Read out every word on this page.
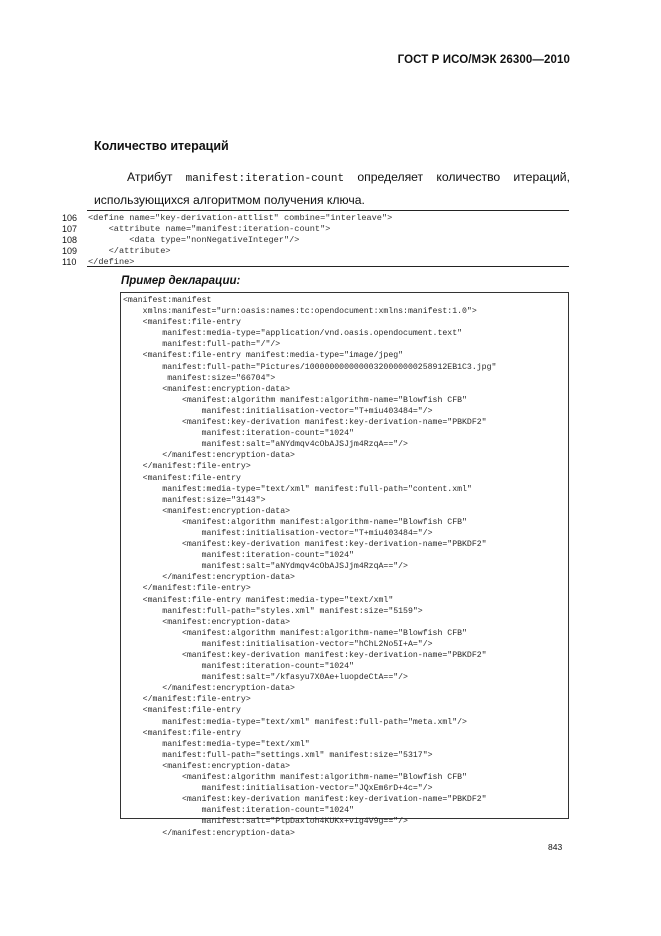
ГОСТ Р ИСО/МЭК 26300—2010
Количество итераций
Атрибут manifest:iteration-count определяет количество итераций,
использующихся алгоритмом получения ключа.
106	<define name="key-derivation-attlist" combine="interleave">
107	<attribute name="manifest:iteration-count">
108	<data type="nonNegativeInteger"/>
109	</attribute>
110	</define>
Пример декларации:
<manifest:manifest
xmlns:manifest="urn:oasis:names:tc:opendocument:xmlns:manifest:1.0">
<manifest:file-entry
manifest:media-type="application/vnd.oasis.opendocument.text"
manifest:full-path="/"/>
<manifest:file-entry manifest:media-type="image/jpeg"
manifest:full-path="Pictures/10000000000000320000000258912EB1C3.jpg"
manifest:size="66704">
<manifest:encryption-data>
<manifest:algorithm manifest:algorithm-name="Blowfish CFB"
manifest:initialisation-vector="T+miu403484="/>
<manifest:key-derivation manifest:key-derivation-name="PBKDF2"
manifest:iteration-count="1024"
manifest:salt="aNYdmqv4cObAJSJjm4RzqA=="/>
</manifest:encryption-data>
</manifest:file-entry>
<manifest:file-entry
manifest:media-type="text/xml" manifest:full-path="content.xml"
manifest:size="3143">
<manifest:encryption-data>
<manifest:algorithm manifest:algorithm-name="Blowfish CFB"
manifest:initialisation-vector="T+miu403484="/>
<manifest:key-derivation manifest:key-derivation-name="PBKDF2"
manifest:iteration-count="1024"
manifest:salt="aNYdmqv4cObAJSJjm4RzqA=="/>
</manifest:encryption-data>
</manifest:file-entry>
<manifest:file-entry manifest:media-type="text/xml"
manifest:full-path="styles.xml" manifest:size="5159">
<manifest:encryption-data>
<manifest:algorithm manifest:algorithm-name="Blowfish CFB"
manifest:initialisation-vector="hChL2No5I+A="/>
<manifest:key-derivation manifest:key-derivation-name="PBKDF2"
manifest:iteration-count="1024"
manifest:salt="/kfasyu7X0Ae+luopdeCtA=="/>
</manifest:encryption-data>
</manifest:file-entry>
<manifest:file-entry
manifest:media-type="text/xml" manifest:full-path="meta.xml"/>
<manifest:file-entry
manifest:media-type="text/xml"
manifest:full-path="settings.xml" manifest:size="5317">
<manifest:encryption-data>
<manifest:algorithm manifest:algorithm-name="Blowfish CFB"
manifest:initialisation-vector="JQxEm6rD+4c="/>
<manifest:key-derivation manifest:key-derivation-name="PBKDF2"
manifest:iteration-count="1024"
manifest:salt="PlpDaxloh4KUKx+v1g4V9g=="/>
</manifest:encryption-data>
843
